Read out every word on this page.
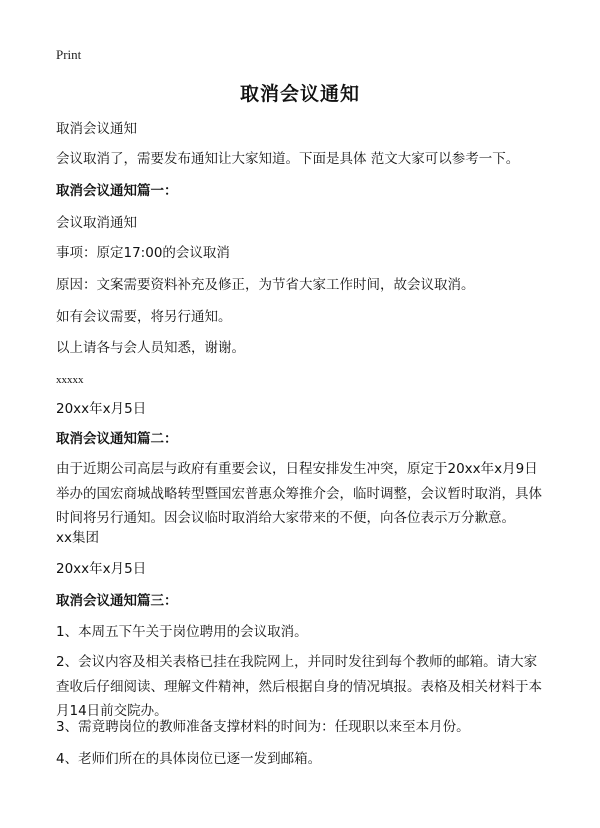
Print
取消会议通知
取消会议通知
会议取消了，需要发布通知让大家知道。下面是具体 范文大家可以参考一下。
取消会议通知篇一：
会议取消通知
事项：原定17:00的会议取消
原因：文案需要资料补充及修正，为节省大家工作时间，故会议取消。
如有会议需要，将另行通知。
以上请各与会人员知悉，谢谢。
xxxxx
20xx年x月5日
取消会议通知篇二：
由于近期公司高层与政府有重要会议，日程安排发生冲突，原定于20xx年x月9日举办的国宏商城战略转型暨国宏普惠众筹推介会，临时调整，会议暂时取消，具体时间将另行通知。因会议临时取消给大家带来的不便，向各位表示万分歉意。
xx集团
20xx年x月5日
取消会议通知篇三：
1、本周五下午关于岗位聘用的会议取消。
2、会议内容及相关表格已挂在我院网上，并同时发往到每个教师的邮箱。请大家查收后仔细阅读、理解文件精神，然后根据自身的情况填报。表格及相关材料于本月14日前交院办。
3、需竟聘岗位的教师准备支撑材料的时间为：任现职以来至本月份。
4、老师们所在的具体岗位已逐一发到邮箱。
